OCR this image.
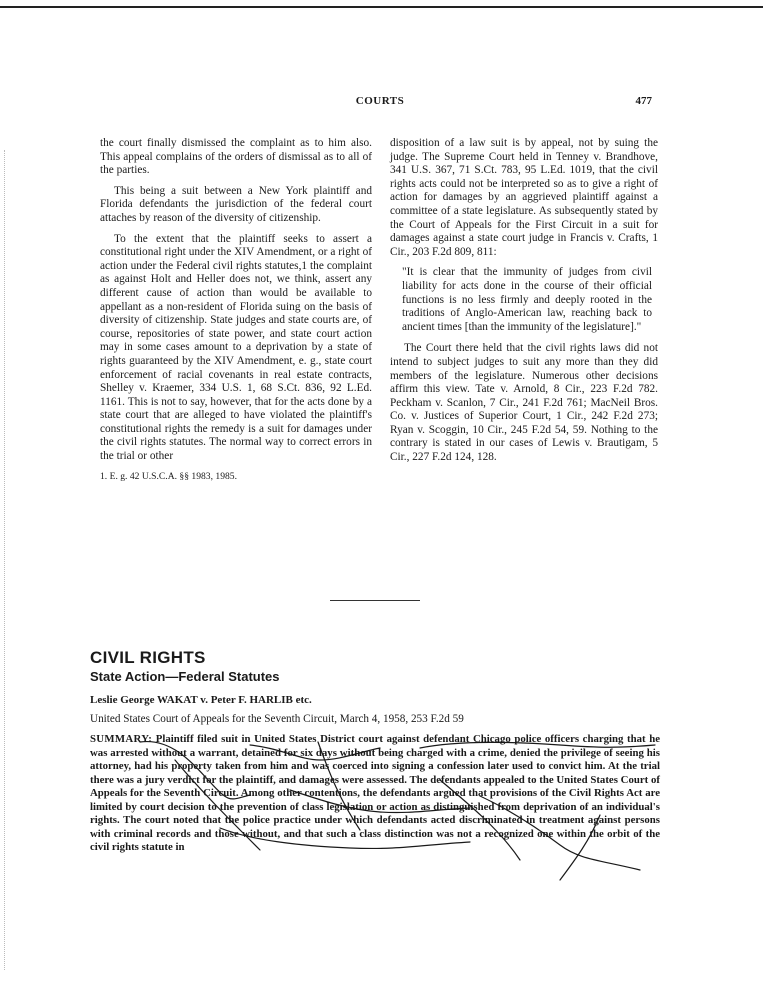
COURTS	477

the court finally dismissed the complaint as to him also. This appeal complains of the orders of dismissal as to all of the parties.

This being a suit between a New York plaintiff and Florida defendants the jurisdiction of the federal court attaches by reason of the diversity of citizenship.

To the extent that the plaintiff seeks to assert a constitutional right under the XIV Amendment, or a right of action under the Federal civil rights statutes,1 the complaint as against Holt and Heller does not, we think, assert any different cause of action than would be available to appellant as a non-resident of Florida suing on the basis of diversity of citizenship. State judges and state courts are, of course, repositories of state power, and state court action may in some cases amount to a deprivation by a state of rights guaranteed by the XIV Amendment, e. g., state court enforcement of racial covenants in real estate contracts, Shelley v. Kraemer, 334 U.S. 1, 68 S.Ct. 836, 92 L.Ed. 1161. This is not to say, however, that for the acts done by a state court that are alleged to have violated the plaintiff's constitutional rights the remedy is a suit for damages under the civil rights statutes. The normal way to correct errors in the trial or other

1. E. g. 42 U.S.C.A. §§ 1983, 1985.

disposition of a law suit is by appeal, not by suing the judge. The Supreme Court held in Tenney v. Brandhove, 341 U.S. 367, 71 S.Ct. 783, 95 L.Ed. 1019, that the civil rights acts could not be interpreted so as to give a right of action for damages by an aggrieved plaintiff against a committee of a state legislature. As subsequently stated by the Court of Appeals for the First Circuit in a suit for damages against a state court judge in Francis v. Crafts, 1 Cir., 203 F.2d 809, 811:

"It is clear that the immunity of judges from civil liability for acts done in the course of their official functions is no less firmly and deeply rooted in the traditions of Anglo-American law, reaching back to ancient times [than the immunity of the legislature]."

The Court there held that the civil rights laws did not intend to subject judges to suit any more than they did members of the legislature. Numerous other decisions affirm this view. Tate v. Arnold, 8 Cir., 223 F.2d 782. Peckham v. Scanlon, 7 Cir., 241 F.2d 761; MacNeil Bros. Co. v. Justices of Superior Court, 1 Cir., 242 F.2d 273; Ryan v. Scoggin, 10 Cir., 245 F.2d 54, 59. Nothing to the contrary is stated in our cases of Lewis v. Brautigam, 5 Cir., 227 F.2d 124, 128.

CIVIL RIGHTS
State Action—Federal Statutes
Leslie George WAKAT v. Peter F. HARLIB etc.
United States Court of Appeals for the Seventh Circuit, March 4, 1958, 253 F.2d 59

SUMMARY: Plaintiff filed suit in United States District court against defendant Chicago police officers charging that he was arrested without a warrant, detained for six days without being charged with a crime, denied the privilege of seeing his attorney, had his property taken from him and was coerced into signing a confession later used to convict him. At the trial there was a jury verdict for the plaintiff, and damages were assessed. The defendants appealed to the United States Court of Appeals for the Seventh Circuit. Among other contentions, the defendants argued that provisions of the Civil Rights Act are limited by court decision to the prevention of class legislation or action as distinguished from deprivation of an individual's rights. The court noted that the police practice under which defendants acted discriminated in treatment against persons with criminal records and those without, and that such a class distinction was not a recognized one within the orbit of the civil rights statute in
